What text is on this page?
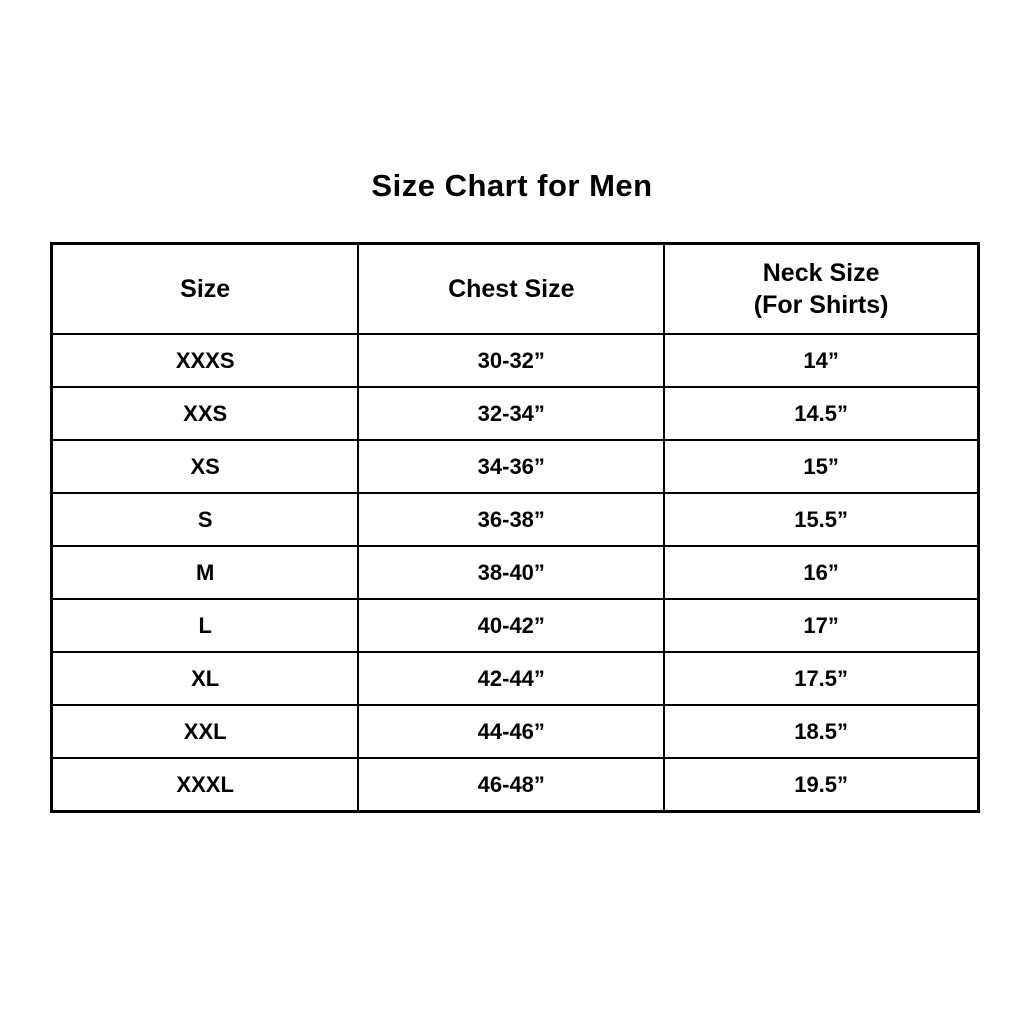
Size Chart for Men
Size	Chest Size	Neck Size
(For Shirts)
XXXS	30-32”	14”
XXS	32-34”	14.5”
XS	34-36”	15”
S	36-38”	15.5”
M	38-40”	16”
L	40-42”	17”
XL	42-44”	17.5”
XXL	44-46”	18.5”
XXXL	46-48”	19.5”
